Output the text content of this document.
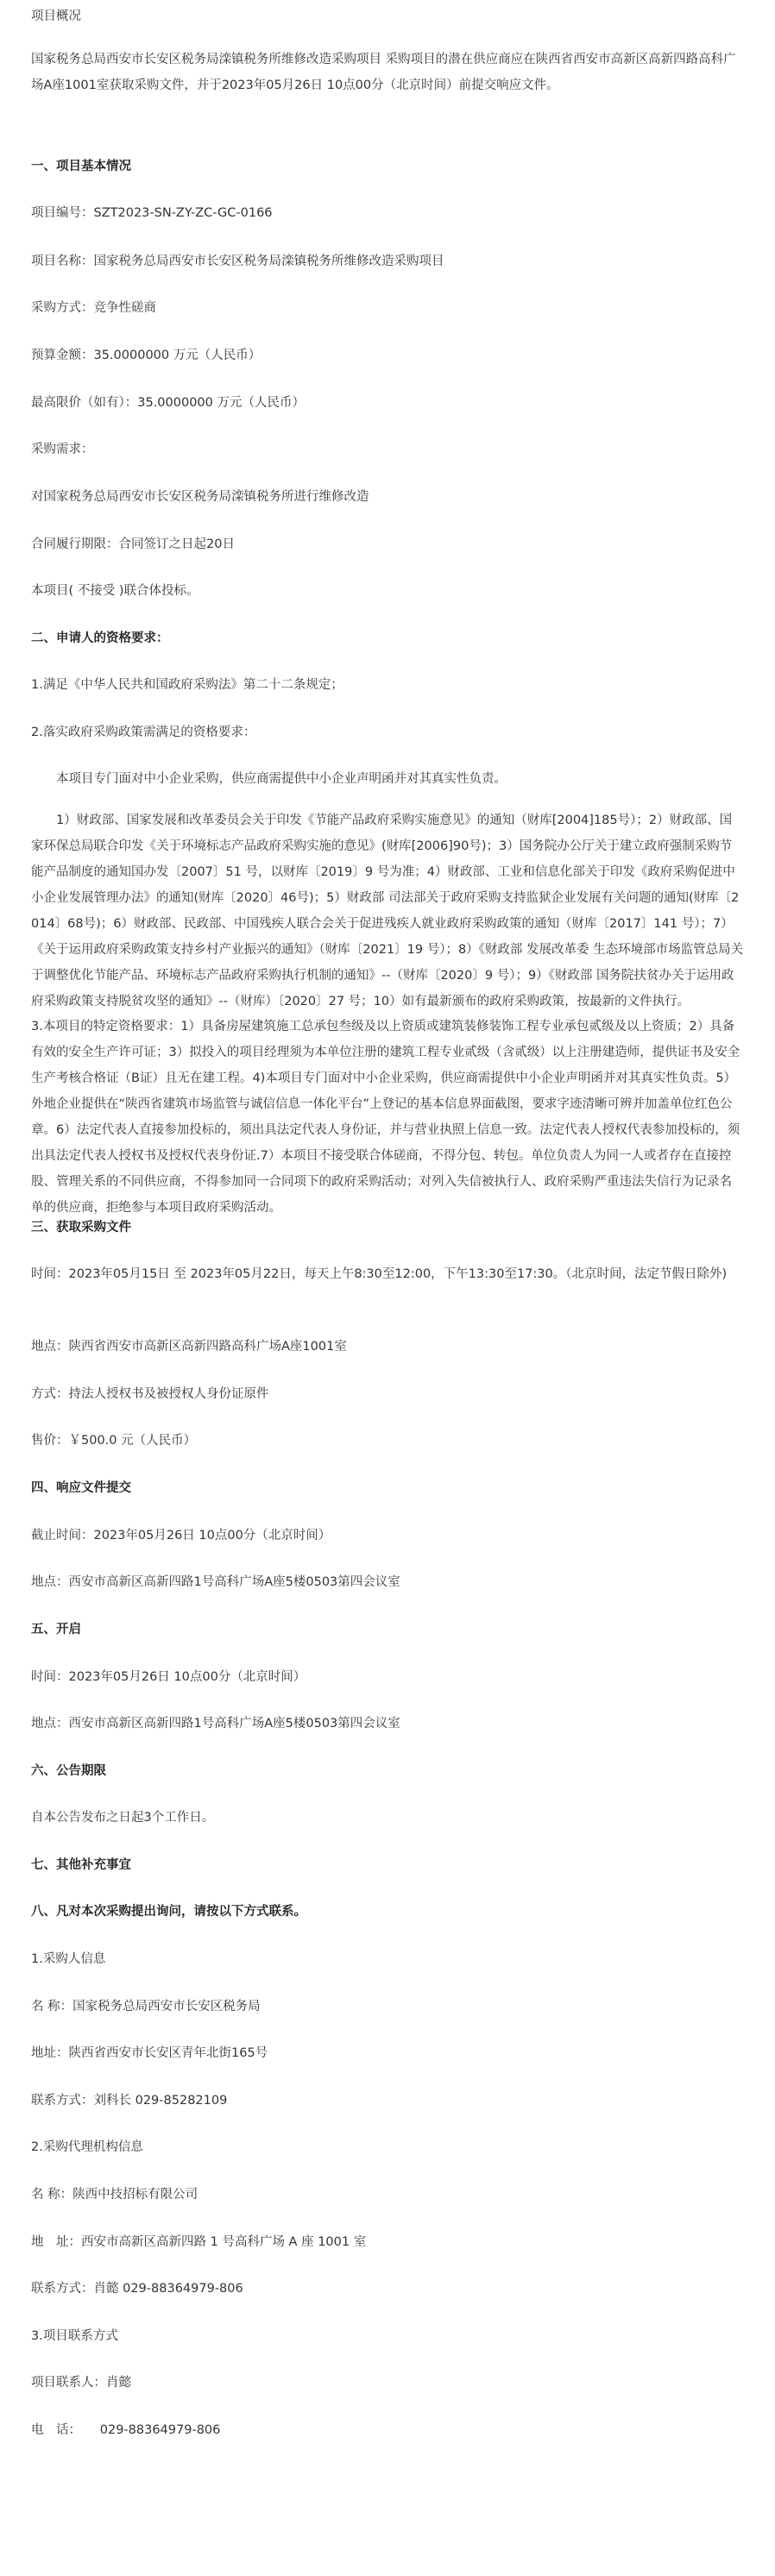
项目概况
国家税务总局西安市长安区税务局滦镇税务所维修改造采购项目 采购项目的潜在供应商应在陕西省西安市高新区高新四路高科广场A座1001室获取采购文件，并于2023年05月26日 10点00分（北京时间）前提交响应文件。
一、项目基本情况
项目编号：SZT2023-SN-ZY-ZC-GC-0166
项目名称：国家税务总局西安市长安区税务局滦镇税务所维修改造采购项目
采购方式：竞争性磋商
预算金额：35.0000000 万元（人民币）
最高限价（如有）：35.0000000 万元（人民币）
采购需求：
对国家税务总局西安市长安区税务局滦镇税务所进行维修改造
合同履行期限：合同签订之日起20日
本项目( 不接受 )联合体投标。
二、申请人的资格要求：
1.满足《中华人民共和国政府采购法》第二十二条规定；
2.落实政府采购政策需满足的资格要求：
本项目专门面对中小企业采购，供应商需提供中小企业声明函并对其真实性负责。
1）财政部、国家发展和改革委员会关于印发《节能产品政府采购实施意见》的通知（财库[2004]185号）；2）财政部、国家环保总局联合印发《关于环境标志产品政府采购实施的意见》(财库[2006]90号)；3）国务院办公厅关于建立政府强制采购节能产品制度的通知国办发〔2007〕51 号，以财库〔2019〕9 号为准；4）财政部、工业和信息化部关于印发《政府采购促进中小企业发展管理办法》的通知(财库〔2020〕46号)；5）财政部 司法部关于政府采购支持监狱企业发展有关问题的通知(财库〔2014〕68号)；6）财政部、民政部、中国残疾人联合会关于促进残疾人就业政府采购政策的通知（财库〔2017〕141 号）；7）《关于运用政府采购政策支持乡村产业振兴的通知》（财库〔2021〕19 号）；8）《财政部 发展改革委 生态环境部市场监管总局关于调整优化节能产品、环境标志产品政府采购执行机制的通知》--（财库〔2020〕9 号）；9）《财政部 国务院扶贫办关于运用政府采购政策支持脱贫攻坚的通知》--（财库）〔2020〕27 号；10）如有最新颁布的政府采购政策，按最新的文件执行。
3.本项目的特定资格要求：1）具备房屋建筑施工总承包叁级及以上资质或建筑装修装饰工程专业承包贰级及以上资质；2）具备有效的安全生产许可证；3）拟投入的项目经理须为本单位注册的建筑工程专业贰级（含贰级）以上注册建造师，提供证书及安全生产考核合格证（B证）且无在建工程。4)本项目专门面对中小企业采购，供应商需提供中小企业声明函并对其真实性负责。5）外地企业提供在“陕西省建筑市场监管与诚信信息一体化平台”上登记的基本信息界面截图，要求字迹清晰可辨并加盖单位红色公章。6）法定代表人直接参加投标的，须出具法定代表人身份证，并与营业执照上信息一致。法定代表人授权代表参加投标的，须出具法定代表人授权书及授权代表身份证.7）本项目不接受联合体磋商，不得分包、转包。单位负责人为同一人或者存在直接控股、管理关系的不同供应商，不得参加同一合同项下的政府采购活动；对列入失信被执行人、政府采购严重违法失信行为记录名单的供应商，拒绝参与本项目政府采购活动。
三、获取采购文件
时间：2023年05月15日 至 2023年05月22日，每天上午8:30至12:00，下午13:30至17:30。（北京时间，法定节假日除外)
地点：陕西省西安市高新区高新四路高科广场A座1001室
方式：持法人授权书及被授权人身份证原件
售价：￥500.0 元（人民币）
四、响应文件提交
截止时间：2023年05月26日 10点00分（北京时间）
地点：西安市高新区高新四路1号高科广场A座5楼0503第四会议室
五、开启
时间：2023年05月26日 10点00分（北京时间）
地点：西安市高新区高新四路1号高科广场A座5楼0503第四会议室
六、公告期限
自本公告发布之日起3个工作日。
七、其他补充事宜
八、凡对本次采购提出询问，请按以下方式联系。
1.采购人信息
名 称：国家税务总局西安市长安区税务局
地址：陕西省西安市长安区青年北街165号
联系方式：刘科长 029-85282109
2.采购代理机构信息
名 称：陕西中技招标有限公司
地　址：西安市高新区高新四路 1 号高科广场 A 座 1001 室
联系方式：肖懿 029-88364979-806
3.项目联系方式
项目联系人：肖懿
电　话：　　029-88364979-806
